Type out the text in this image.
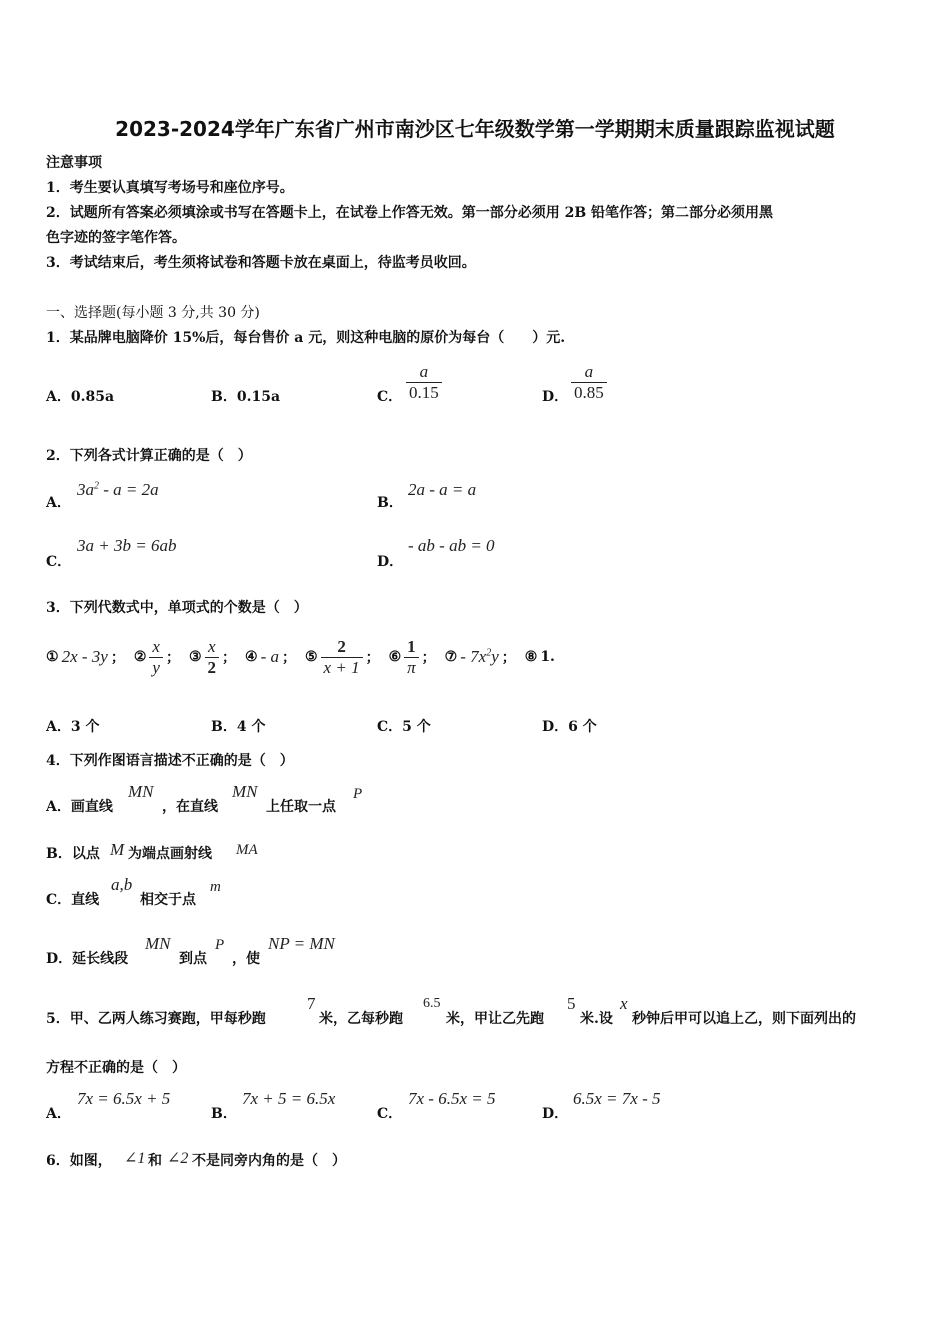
2023-2024学年广东省广州市南沙区七年级数学第一学期期末质量跟踪监视试题
注意事项
1．考生要认真填写考场号和座位序号。
2．试题所有答案必须填涂或书写在答题卡上，在试卷上作答无效。第一部分必须用 2B 铅笔作答；第二部分必须用黑
色字迹的签字笔作答。
3．考试结束后，考生须将试卷和答题卡放在桌面上，待监考员收回。
一、选择题(每小题 3 分,共 30 分)
1．某品牌电脑降价 15%后，每台售价 a 元，则这种电脑的原价为每台（　　）元.
A．0.85a	B．0.15a	C． $\frac{a}{0.15}$	D． $\frac{a}{0.85}$
2．下列各式计算正确的是（　）
A．
$3a^2 - a = 2a$
B．
2a - a = a
C．
3a + 3b = 6ab
D．
- ab - ab = 0
3．下列代数式中，单项式的个数是（　）
① 2x - 3y ； ② $\frac{x}{y}$ ； ③ $\frac{x}{2}$ ； ④ - a ； ⑤ $\frac{2}{x + 1}$ ； ⑥ $\frac{1}{\pi}$ ； ⑦ - $7x^2y$ ； ⑧ 1.
A．3 个	B．4 个	C．5 个	D．6 个
4．下列作图语言描述不正确的是（　）
A．画直线
MN
，在直线
MN
上任取一点
P
B．以点 M 为端点画射线 MA
C．直线
a,b
相交于点
m
D．延长线段
MN
到点
P
，使
NP = MN
5．甲、乙两人练习赛跑，甲每秒跑
7
米，乙每秒跑
6.5
米，甲让乙先跑
5
米.设
x
秒钟后甲可以追上乙，则下面列出的
方程不正确的是（　）
A．
7x = 6.5x + 5
B．
7x + 5 = 6.5x
C．
7x - 6.5x = 5
D．
6.5x = 7x - 5
6．如图， ∠1 和 ∠2 不是同旁内角的是（　）
